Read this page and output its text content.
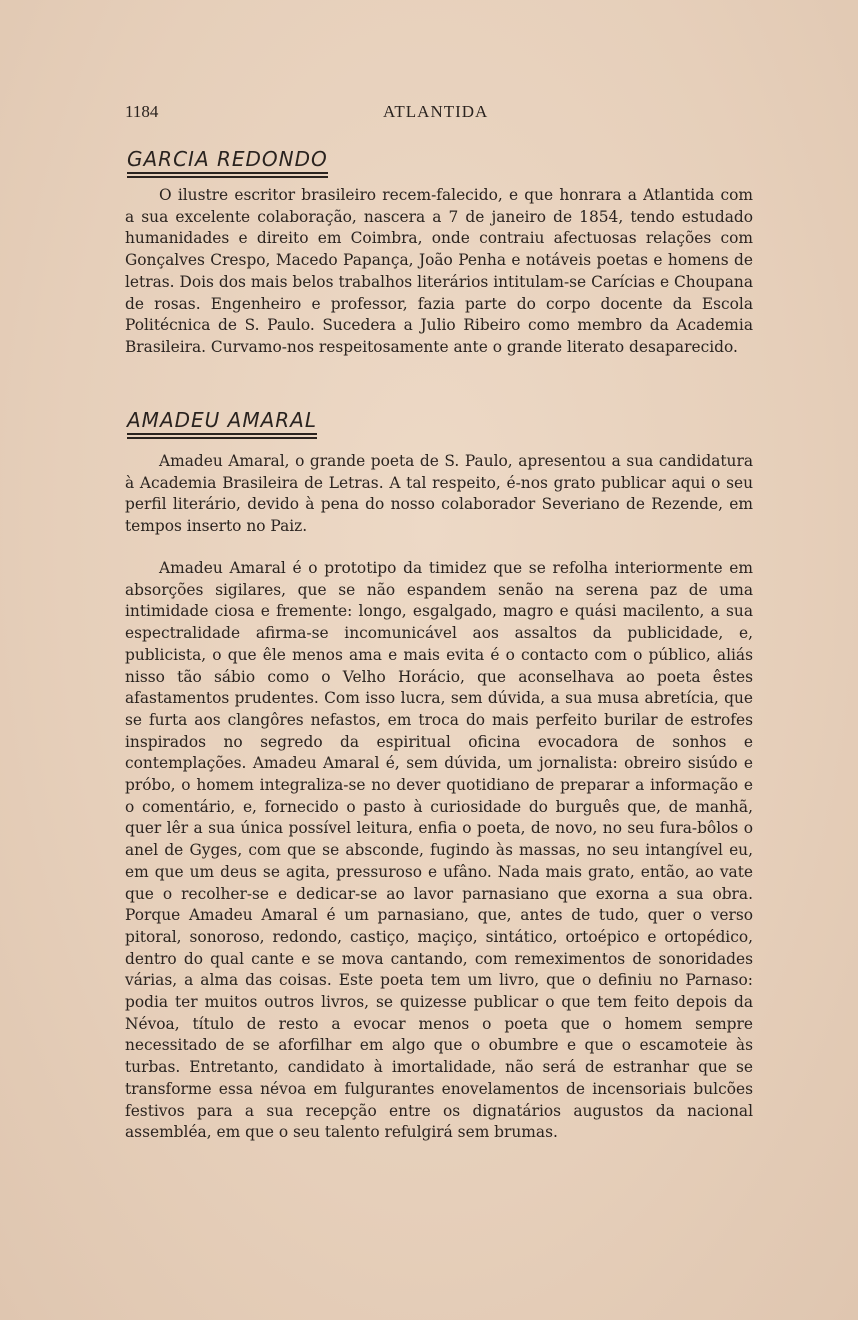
1184	ATLANTIDA
GARCIA REDONDO

O ilustre escritor brasileiro recem-falecido, e que honrara a Atlantida com a sua excelente colaboração, nascera a 7 de janeiro de 1854, tendo estudado humanidades e direito em Coimbra, onde contraiu afectuosas relações com Gonçalves Crespo, Macedo Papança, João Penha e notáveis poetas e homens de letras. Dois dos mais belos trabalhos literários intitulam-se Carícias e Choupana de rosas. Engenheiro e professor, fazia parte do corpo docente da Escola Politécnica de S. Paulo. Sucedera a Julio Ribeiro como membro da Academia Brasileira. Curvamo-nos respeitosamente ante o grande literato desaparecido.

AMADEU AMARAL

Amadeu Amaral, o grande poeta de S. Paulo, apresentou a sua candidatura à Academia Brasileira de Letras. A tal respeito, é-nos grato publicar aqui o seu perfil literário, devido à pena do nosso colaborador Severiano de Rezende, em tempos inserto no Paiz.

Amadeu Amaral é o prototipo da timidez que se refolha interiormente em absorções sigilares, que se não espandem senão na serena paz de uma intimidade ciosa e fremente: longo, esgalgado, magro e quási macilento, a sua espectralidade afirma-se incomunicável aos assaltos da publicidade, e, publicista, o que êle menos ama e mais evita é o contacto com o público, aliás nisso tão sábio como o Velho Horácio, que aconselhava ao poeta êstes afastamentos prudentes. Com isso lucra, sem dúvida, a sua musa abretícia, que se furta aos clangôres nefastos, em troca do mais perfeito burilar de estrofes inspirados no segredo da espiritual oficina evocadora de sonhos e contemplações. Amadeu Amaral é, sem dúvida, um jornalista: obreiro sisúdo e próbo, o homem integraliza-se no dever quotidiano de preparar a informação e o comentário, e, fornecido o pasto à curiosidade do burguês que, de manhã, quer lêr a sua única possível leitura, enfia o poeta, de novo, no seu fura-bôlos o anel de Gyges, com que se absconde, fugindo às massas, no seu intangível eu, em que um deus se agita, pressuroso e ufâno. Nada mais grato, então, ao vate que o recolher-se e dedicar-se ao lavor parnasiano que exorna a sua obra. Porque Amadeu Amaral é um parnasiano, que, antes de tudo, quer o verso pitoral, sonoroso, redondo, castiço, maçiço, sintático, ortoépico e ortopédico, dentro do qual cante e se mova cantando, com remeximentos de sonoridades várias, a alma das coisas. Este poeta tem um livro, que o definiu no Parnaso: podia ter muitos outros livros, se quizesse publicar o que tem feito depois da Névoa, título de resto a evocar menos o poeta que o homem sempre necessitado de se aforfilhar em algo que o obumbre e que o escamoteie às turbas. Entretanto, candidato à imortalidade, não será de estranhar que se transforme essa névoa em fulgurantes enovelamentos de incensoriais bulcões festivos para a sua recepção entre os dignatários augustos da nacional assembléa, em que o seu talento refulgirá sem brumas.
